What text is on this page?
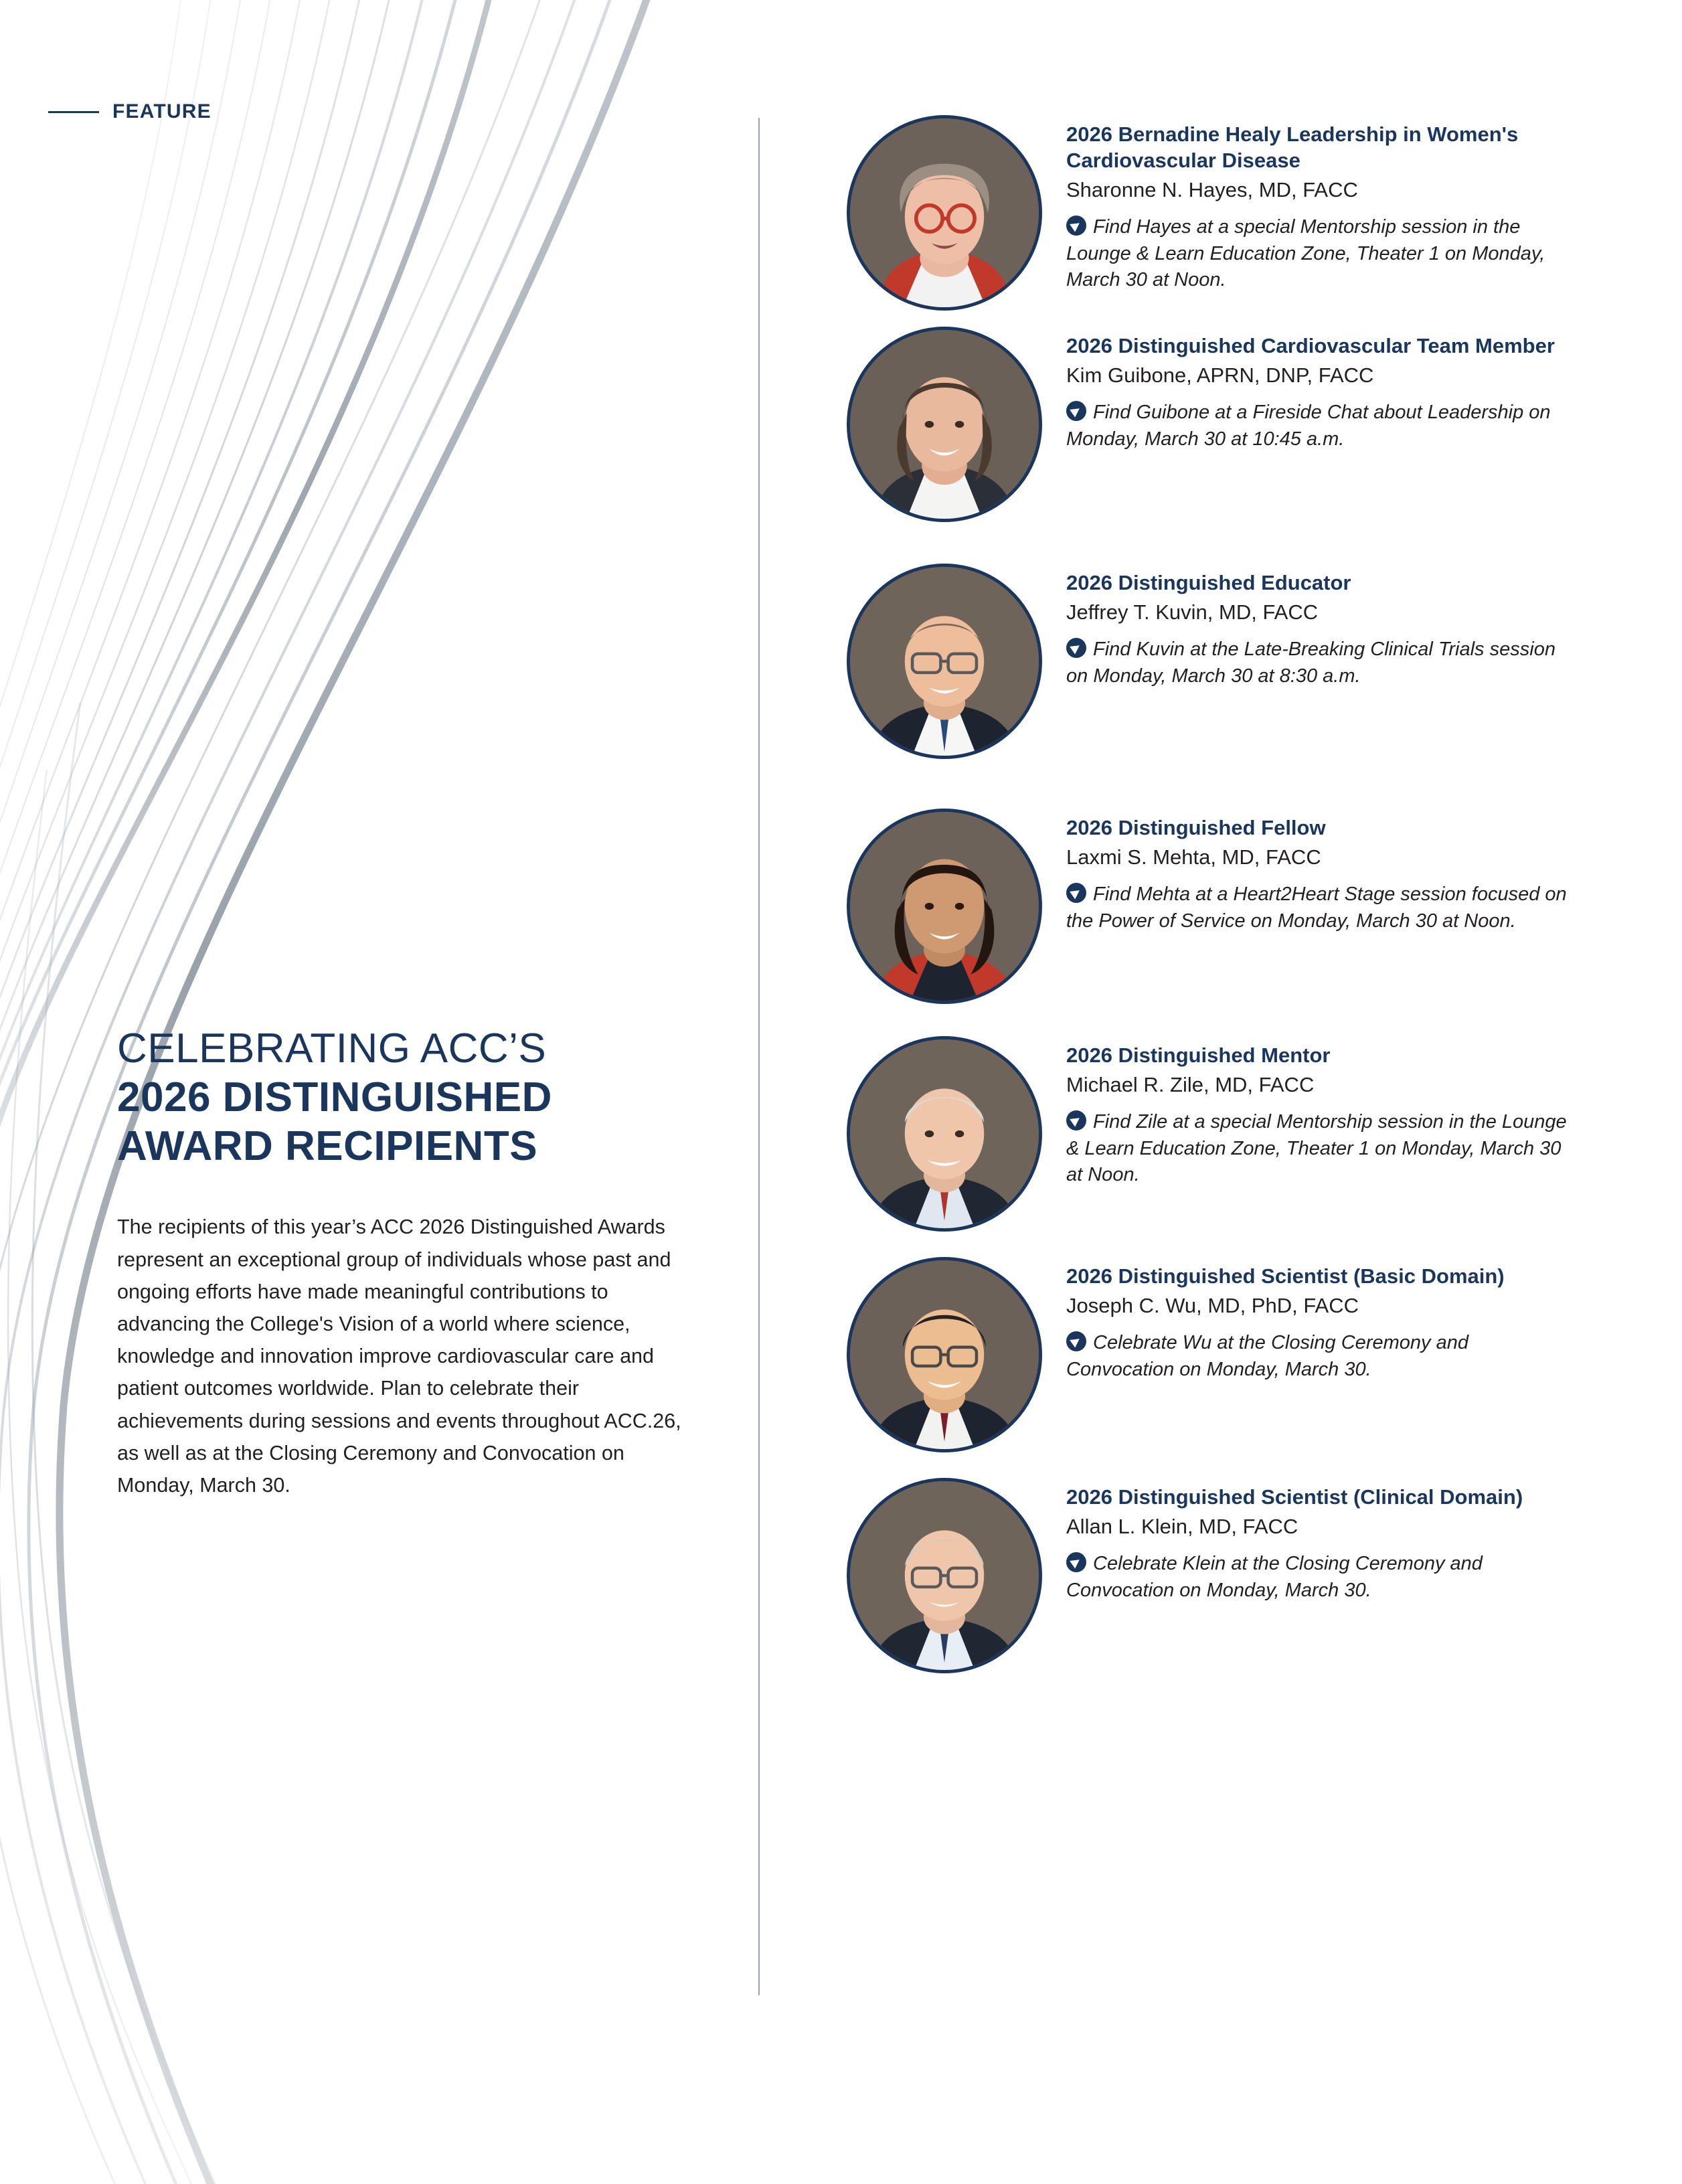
FEATURE
CELEBRATING ACC’S
2026 DISTINGUISHED
AWARD RECIPIENTS

The recipients of this year’s ACC 2026 Distinguished Awards represent an exceptional group of individuals whose past and ongoing efforts have made meaningful contributions to advancing the College's Vision of a world where science, knowledge and innovation improve cardiovascular care and patient outcomes worldwide. Plan to celebrate their achievements during sessions and events throughout ACC.26, as well as at the Closing Ceremony and Convocation on Monday, March 30.

2026 Bernadine Healy Leadership in Women's Cardiovascular Disease
Sharonne N. Hayes, MD, FACC
Find Hayes at a special Mentorship session in the Lounge & Learn Education Zone, Theater 1 on Monday, March 30 at Noon.
2026 Distinguished Cardiovascular Team Member
Kim Guibone, APRN, DNP, FACC
Find Guibone at a Fireside Chat about Leadership on Monday, March 30 at 10:45 a.m.
2026 Distinguished Educator
Jeffrey T. Kuvin, MD, FACC
Find Kuvin at the Late-Breaking Clinical Trials session on Monday, March 30 at 8:30 a.m.
2026 Distinguished Fellow
Laxmi S. Mehta, MD, FACC
Find Mehta at a Heart2Heart Stage session focused on the Power of Service on Monday, March 30 at Noon.
2026 Distinguished Mentor
Michael R. Zile, MD, FACC
Find Zile at a special Mentorship session in the Lounge & Learn Education Zone, Theater 1 on Monday, March 30 at Noon.
2026 Distinguished Scientist (Basic Domain)
Joseph C. Wu, MD, PhD, FACC
Celebrate Wu at the Closing Ceremony and Convocation on Monday, March 30.
2026 Distinguished Scientist (Clinical Domain)
Allan L. Klein, MD, FACC
Celebrate Klein at the Closing Ceremony and Convocation on Monday, March 30.
